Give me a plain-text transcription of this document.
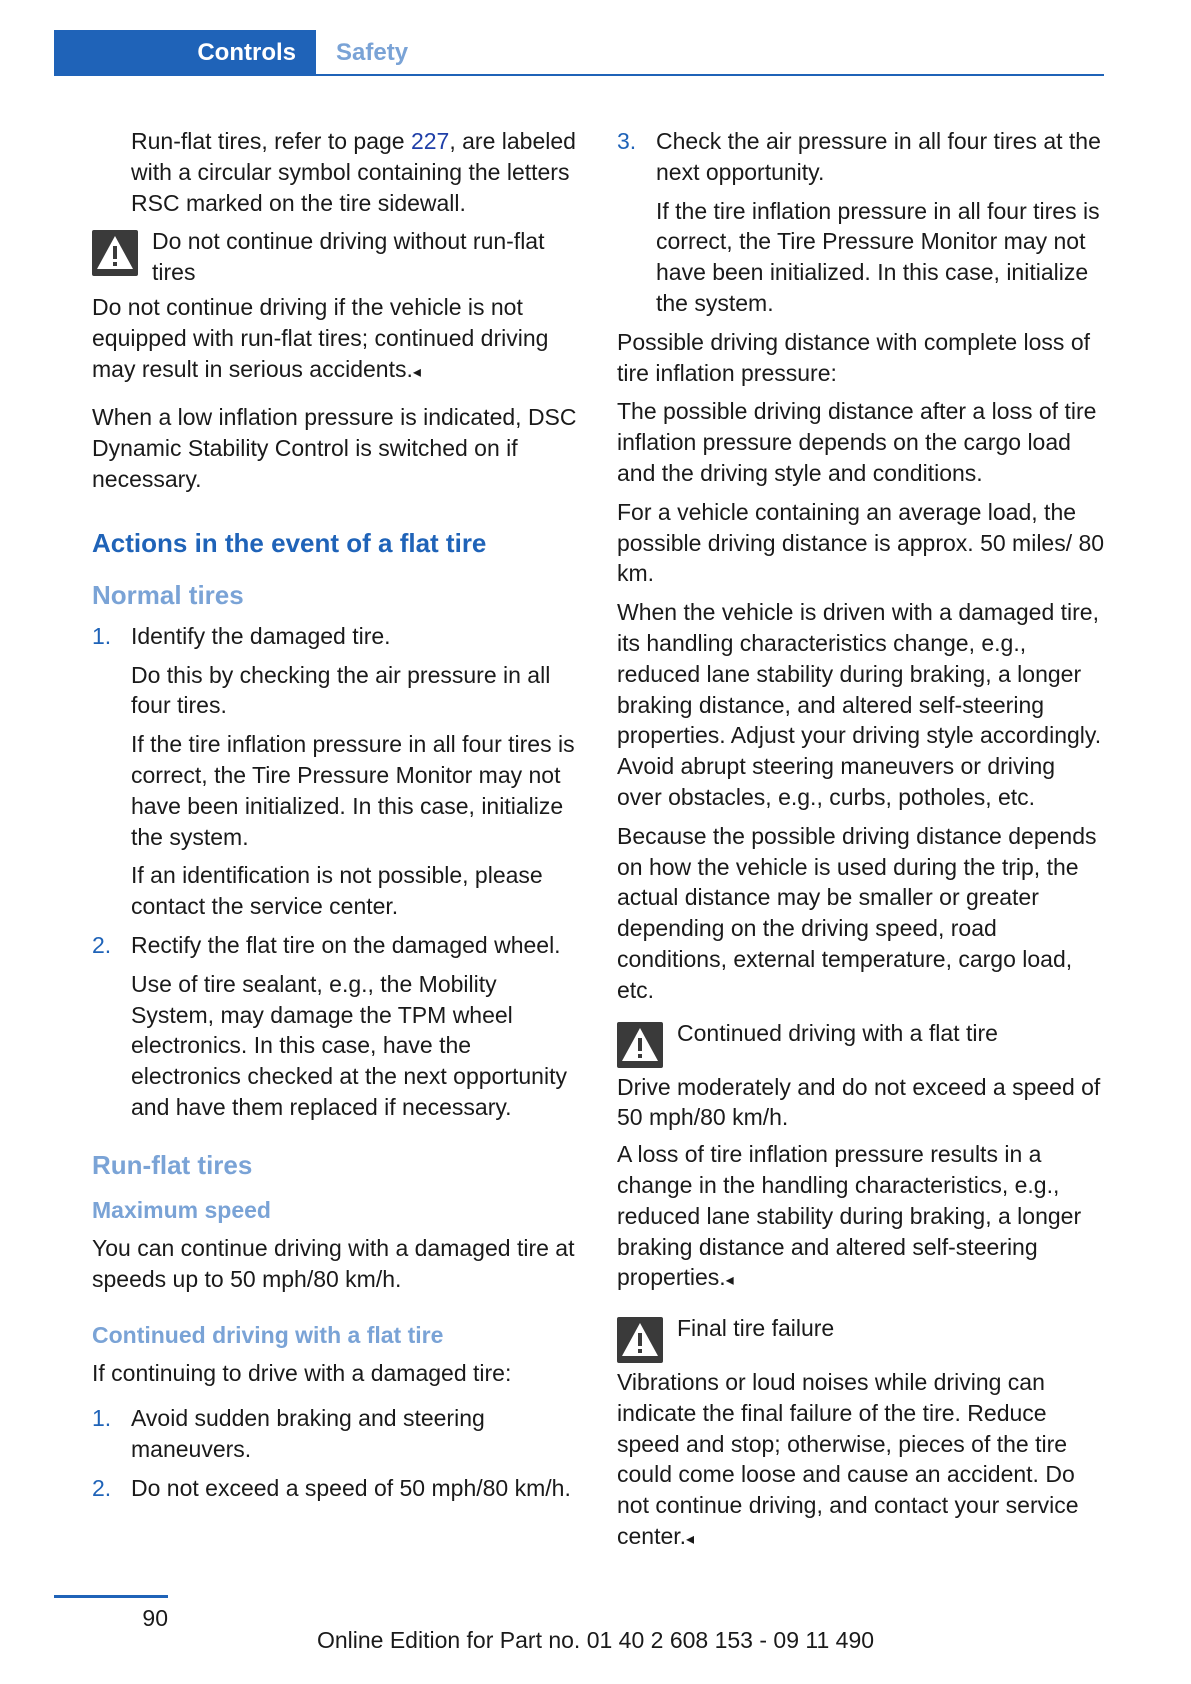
Controls	Safety

Run-flat tires, refer to page 227, are labeled with a circular symbol containing the letters RSC marked on the tire sidewall.

Do not continue driving without run-flat tires
Do not continue driving if the vehicle is not equipped with run-flat tires; continued driving may result in serious accidents.◂

When a low inflation pressure is indicated, DSC Dynamic Stability Control is switched on if necessary.

Actions in the event of a flat tire
Normal tires
1. Identify the damaged tire.

Do this by checking the air pressure in all four tires.

If the tire inflation pressure in all four tires is correct, the Tire Pressure Monitor may not have been initialized. In this case, initialize the system.

If an identification is not possible, please contact the service center.

2. Rectify the flat tire on the damaged wheel.

Use of tire sealant, e.g., the Mobility System, may damage the TPM wheel electronics. In this case, have the electronics checked at the next opportunity and have them replaced if necessary.

Run-flat tires
Maximum speed

You can continue driving with a damaged tire at speeds up to 50 mph/80 km/h.

Continued driving with a flat tire

If continuing to drive with a damaged tire:

1. Avoid sudden braking and steering maneuvers.

2. Do not exceed a speed of 50 mph/80 km/h.

3. Check the air pressure in all four tires at the next opportunity.

If the tire inflation pressure in all four tires is correct, the Tire Pressure Monitor may not have been initialized. In this case, initialize the system.

Possible driving distance with complete loss of tire inflation pressure:

The possible driving distance after a loss of tire inflation pressure depends on the cargo load and the driving style and conditions.

For a vehicle containing an average load, the possible driving distance is approx. 50 miles/ 80 km.

When the vehicle is driven with a damaged tire, its handling characteristics change, e.g., reduced lane stability during braking, a longer braking distance, and altered self-steering properties. Adjust your driving style accordingly. Avoid abrupt steering maneuvers or driving over obstacles, e.g., curbs, potholes, etc.

Because the possible driving distance depends on how the vehicle is used during the trip, the actual distance may be smaller or greater depending on the driving speed, road conditions, external temperature, cargo load, etc.

Continued driving with a flat tire
Drive moderately and do not exceed a speed of 50 mph/80 km/h.

A loss of tire inflation pressure results in a change in the handling characteristics, e.g., reduced lane stability during braking, a longer braking distance and altered self-steering properties.◂

Final tire failure
Vibrations or loud noises while driving can indicate the final failure of the tire. Reduce speed and stop; otherwise, pieces of the tire could come loose and cause an accident. Do not continue driving, and contact your service center.◂
90
Online Edition for Part no. 01 40 2 608 153 - 09 11 490
